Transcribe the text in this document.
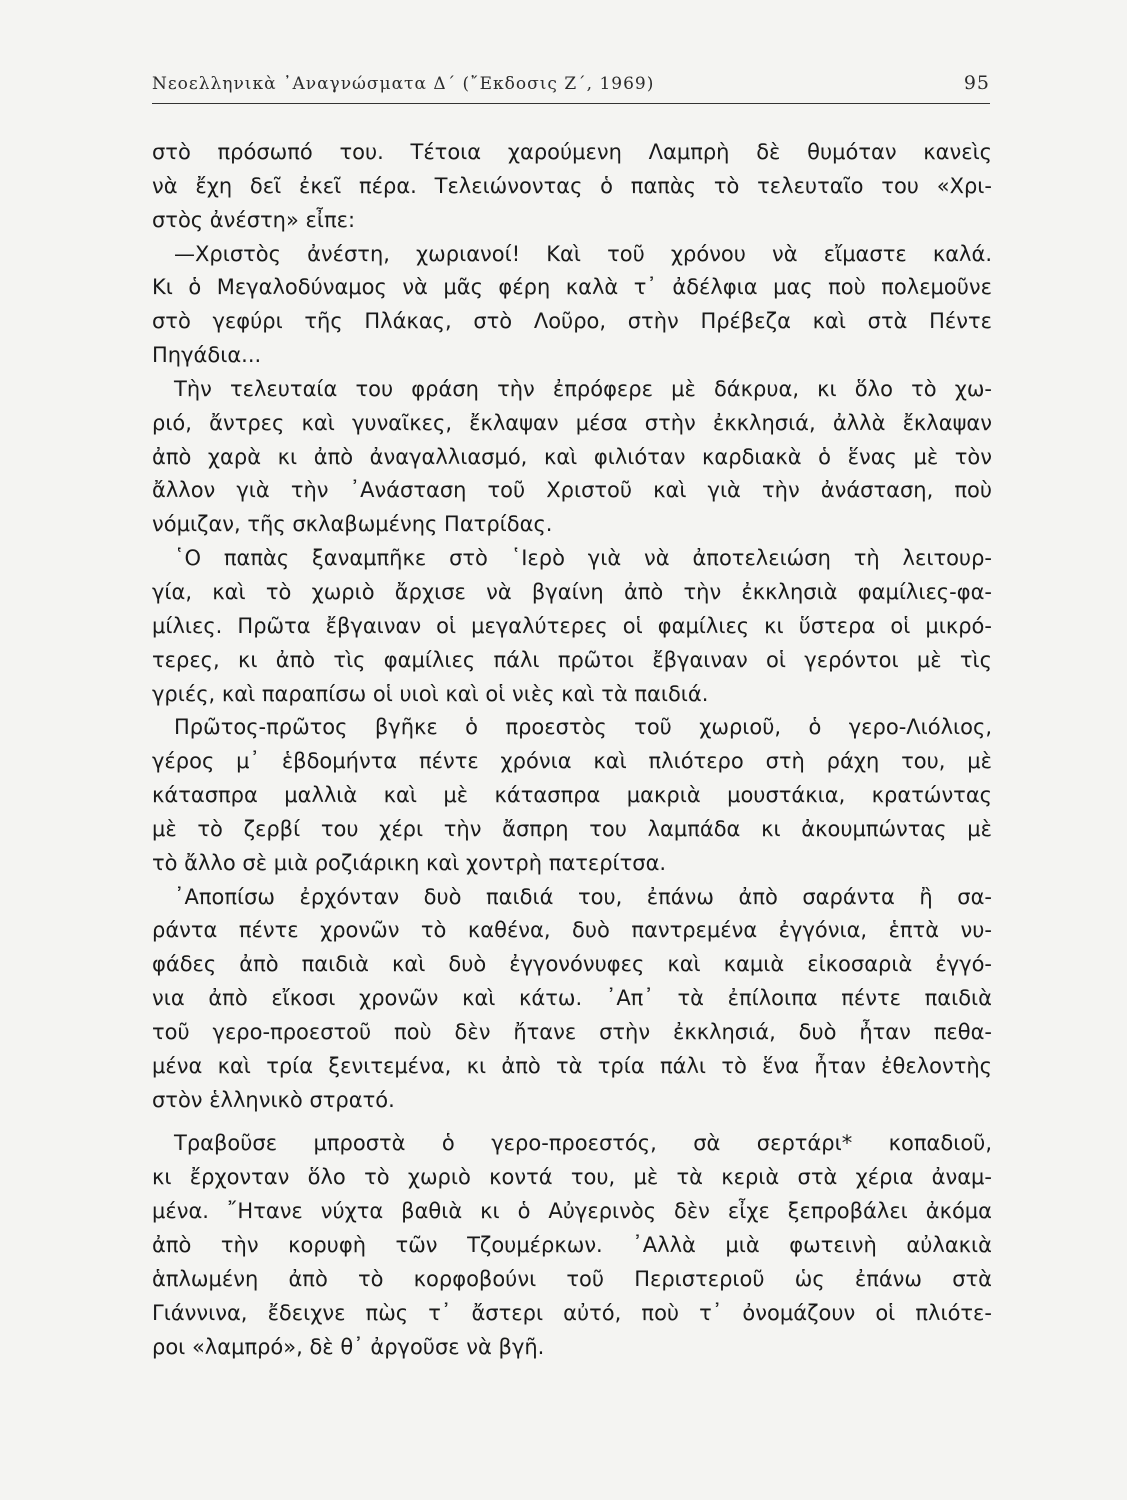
Νεοελληνικὰ ᾿Αναγνώσματα Δ΄ (῎Εκδοσις Ζ΄, 1969)	95
στὸ πρόσωπό του. Τέτοια χαρούμενη Λαμπρὴ δὲ θυμόταν κανεὶς
νὰ ἔχη δεῖ ἐκεῖ πέρα. Τελειώνοντας ὁ παπὰς τὸ τελευταῖο του «Χρι-
στὸς ἀνέστη» εἶπε:
—Χριστὸς ἀνέστη, χωριανοί! Καὶ τοῦ χρόνου νὰ εἴμαστε καλά.
Κι ὁ Μεγαλοδύναμος νὰ μᾶς φέρη καλὰ τ᾿ ἀδέλφια μας ποὺ πολεμοῦνε
στὸ γεφύρι τῆς Πλάκας, στὸ Λοῦρο, στὴν Πρέβεζα καὶ στὰ Πέντε
Πηγάδια...
Τὴν τελευταία του φράση τὴν ἐπρόφερε μὲ δάκρυα, κι ὅλο τὸ χω-
ριό, ἄντρες καὶ γυναῖκες, ἔκλαψαν μέσα στὴν ἐκκλησιά, ἀλλὰ ἔκλαψαν
ἀπὸ χαρὰ κι ἀπὸ ἀναγαλλιασμό, καὶ φιλιόταν καρδιακὰ ὁ ἕνας μὲ τὸν
ἄλλον γιὰ τὴν ᾿Ανάσταση τοῦ Χριστοῦ καὶ γιὰ τὴν ἀνάσταση, ποὺ
νόμιζαν, τῆς σκλαβωμένης Πατρίδας.
῾Ο παπὰς ξαναμπῆκε στὸ ῾Ιερὸ γιὰ νὰ ἀποτελειώση τὴ λειτουρ-
γία, καὶ τὸ χωριὸ ἄρχισε νὰ βγαίνη ἀπὸ τὴν ἐκκλησιὰ φαμίλιες-φα-
μίλιες. Πρῶτα ἔβγαιναν οἱ μεγαλύτερες οἱ φαμίλιες κι ὕστερα οἱ μικρό-
τερες, κι ἀπὸ τὶς φαμίλιες πάλι πρῶτοι ἔβγαιναν οἱ γερόντοι μὲ τὶς
γριές, καὶ παραπίσω οἱ υιοὶ καὶ οἱ νιὲς καὶ τὰ παιδιά.
Πρῶτος-πρῶτος βγῆκε ὁ προεστὸς τοῦ χωριοῦ, ὁ γερο-Λιόλιος,
γέρος μ᾿ ἑβδομήντα πέντε χρόνια καὶ πλιότερο στὴ ράχη του, μὲ
κάτασπρα μαλλιὰ καὶ μὲ κάτασπρα μακριὰ μουστάκια, κρατώντας
μὲ τὸ ζερβί του χέρι τὴν ἄσπρη του λαμπάδα κι ἀκουμπώντας μὲ
τὸ ἄλλο σὲ μιὰ ροζιάρικη καὶ χοντρὴ πατερίτσα.
᾿Αποπίσω ἐρχόνταν δυὸ παιδιά του, ἐπάνω ἀπὸ σαράντα ἢ σα-
ράντα πέντε χρονῶν τὸ καθένα, δυὸ παντρεμένα ἐγγόνια, ἑπτὰ νυ-
φάδες ἀπὸ παιδιὰ καὶ δυὸ ἐγγονόνυφες καὶ καμιὰ εἰκοσαριὰ ἐγγό-
νια ἀπὸ εἴκοσι χρονῶν καὶ κάτω. ᾿Απ᾿ τὰ ἐπίλοιπα πέντε παιδιὰ
τοῦ γερο-προεστοῦ ποὺ δὲν ἤτανε στὴν ἐκκλησιά, δυὸ ἦταν πεθα-
μένα καὶ τρία ξενιτεμένα, κι ἀπὸ τὰ τρία πάλι τὸ ἕνα ἦταν ἐθελοντὴς
στὸν ἑλληνικὸ στρατό.
Τραβοῦσε μπροστὰ ὁ γερο-προεστός, σὰ σερτάρι* κοπαδιοῦ,
κι ἔρχονταν ὅλο τὸ χωριὸ κοντά του, μὲ τὰ κεριὰ στὰ χέρια ἀναμ-
μένα. ῎Ητανε νύχτα βαθιὰ κι ὁ Αὐγερινὸς δὲν εἶχε ξεπροβάλει ἀκόμα
ἀπὸ τὴν κορυφὴ τῶν Τζουμέρκων. ᾿Αλλὰ μιὰ φωτεινὴ αὐλακιὰ
ἁπλωμένη ἀπὸ τὸ κορφοβούνι τοῦ Περιστεριοῦ ὡς ἐπάνω στὰ
Γιάννινα, ἔδειχνε πὼς τ᾿ ἄστερι αὐτό, ποὺ τ᾿ ὀνομάζουν οἱ πλιότε-
ροι «λαμπρό», δὲ θ᾿ ἀργοῦσε νὰ βγῆ.
